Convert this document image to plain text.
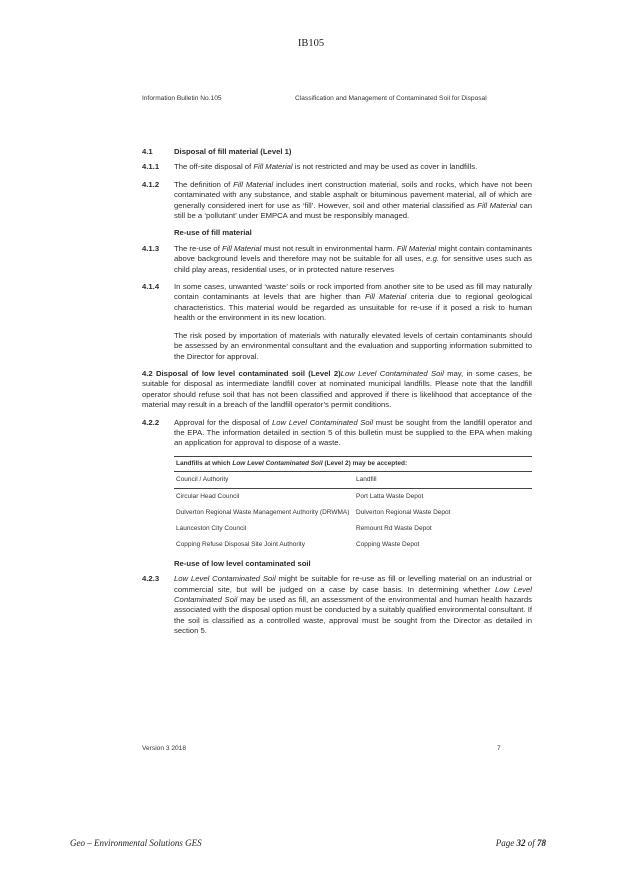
IB105
Information Bulletin No.105	Classification and Management of Contaminated Soil for Disposal
4.1	Disposal of fill material (Level 1)
4.1.1	The off-site disposal of Fill Material is not restricted and may be used as cover in landfills.
4.1.2	The definition of Fill Material includes inert construction material, soils and rocks, which have not been contaminated with any substance, and stable asphalt or bituminous pavement material, all of which are generally considered inert for use as ‘fill’. However, soil and other material classified as Fill Material can still be a ‘pollutant’ under EMPCA and must be responsibly managed.
Re-use of fill material
4.1.3	The re-use of Fill Material must not result in environmental harm. Fill Material might contain contaminants above background levels and therefore may not be suitable for all uses, e.g. for sensitive uses such as child play areas, residential uses, or in protected nature reserves
4.1.4	In some cases, unwanted ‘waste’ soils or rock imported from another site to be used as fill may naturally contain contaminants at levels that are higher than Fill Material criteria due to regional geological characteristics. This material would be regarded as unsuitable for re-use if it posed a risk to human health or the environment in its new location.
The risk posed by importation of materials with naturally elevated levels of certain contaminants should be assessed by an environmental consultant and the evaluation and supporting information submitted to the Director for approval.
4.2 Disposal of low level contaminated soil (Level 2)Low Level Contaminated Soil may, in some cases, be suitable for disposal as intermediate landfill cover at nominated municipal landfills. Please note that the landfill operator should refuse soil that has not been classified and approved if there is likelihood that acceptance of the material may result in a breach of the landfill operator’s permit conditions.
4.2.2	Approval for the disposal of Low Level Contaminated Soil must be sought from the landfill operator and the EPA. The information detailed in section 5 of this bulletin must be supplied to the EPA when making an application for approval to dispose of a waste.
Landfills at which Low Level Contaminated Soil (Level 2) may be accepted:	
Council / Authority	Landfill
Circular Head Council	Port Latta Waste Depot
Dulverton Regional Waste Management Authority (DRWMA)	Dulverton Regional Waste Depot
Launceston City Council	Remount Rd Waste Depot
Copping Refuse Disposal Site Joint Authority	Copping Waste Depot
Re-use of low level contaminated soil
4.2.3	Low Level Contaminated Soil might be suitable for re-use as fill or levelling material on an industrial or commercial site, but will be judged on a case by case basis. In determining whether Low Level Contaminated Soil may be used as fill, an assessment of the environmental and human health hazards associated with the disposal option must be conducted by a suitably qualified environmental consultant. If the soil is classified as a controlled waste, approval must be sought from the Director as detailed in section 5.
Version 3 2018	7
Geo – Environmental Solutions GES	Page 32 of 78
